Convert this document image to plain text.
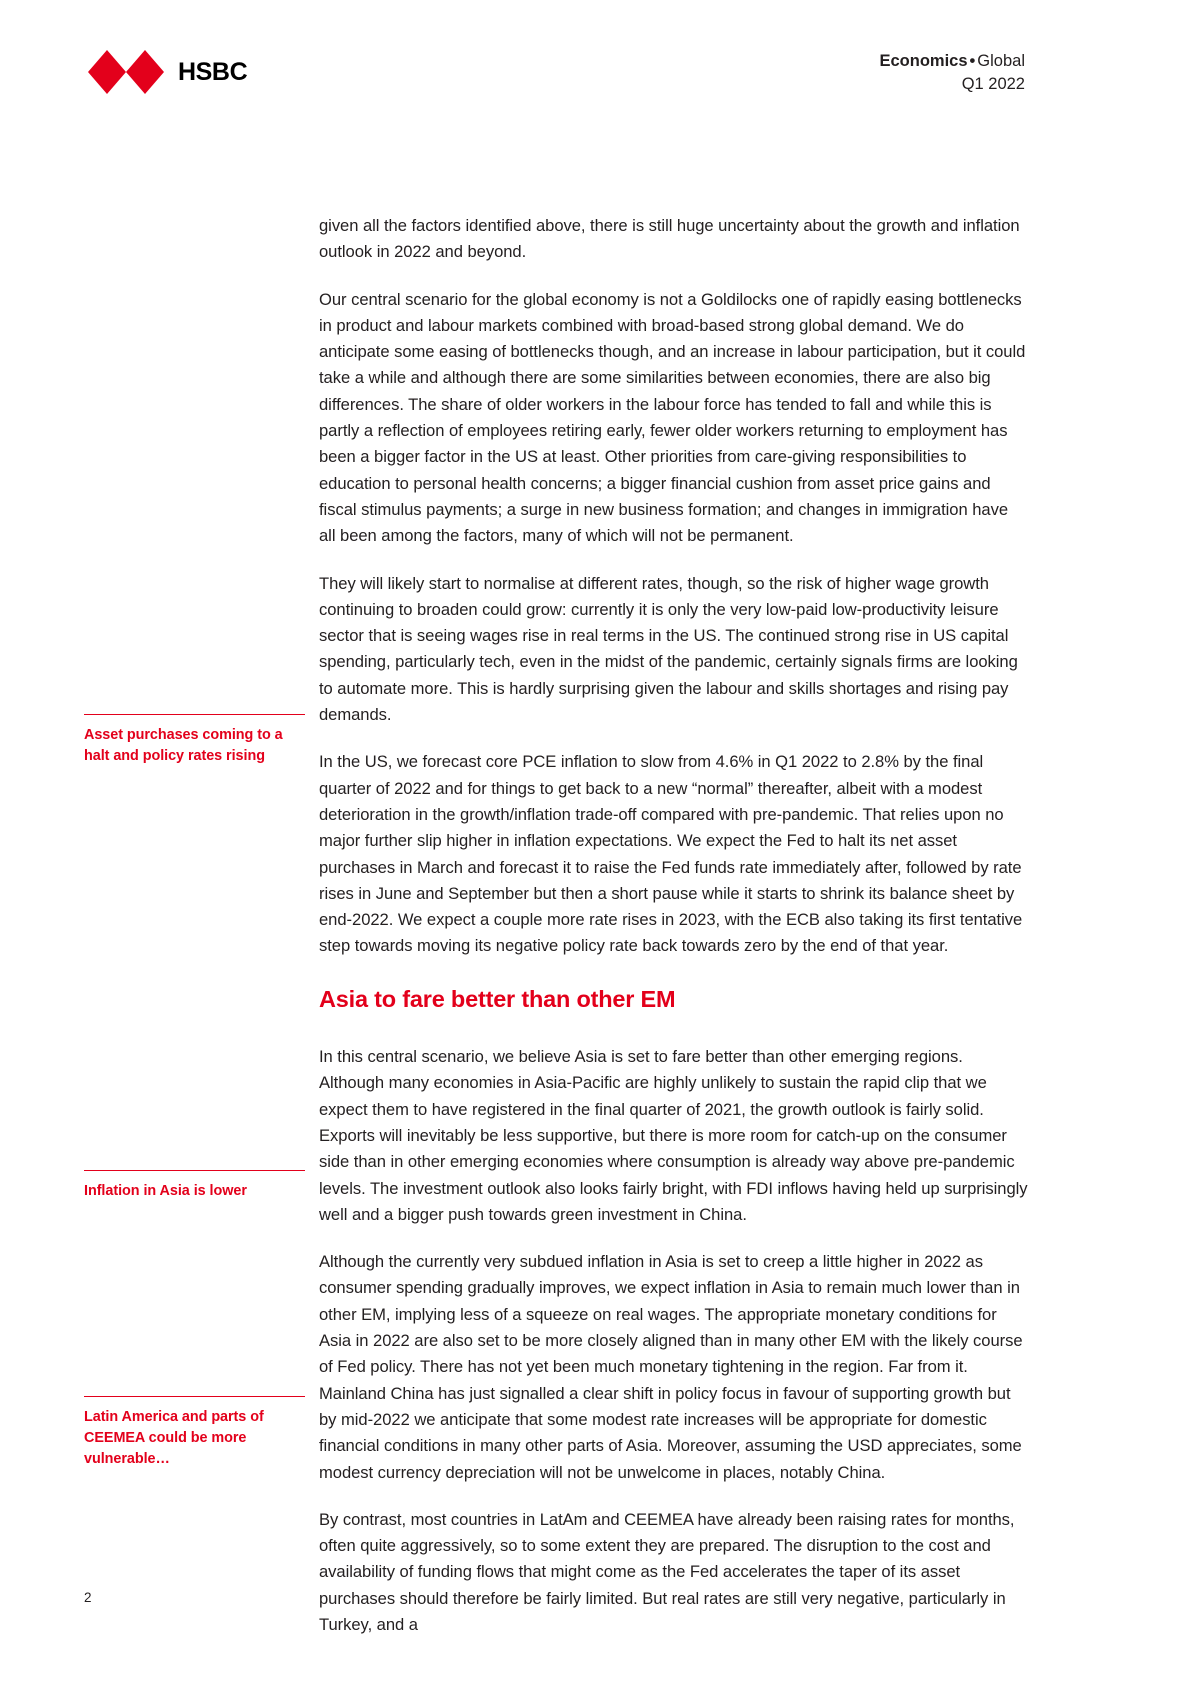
HSBC	Economics • Global
Q1 2022
Asset purchases coming to a halt and policy rates rising
Inflation in Asia is lower
Latin America and parts of CEEMEA could be more vulnerable…

given all the factors identified above, there is still huge uncertainty about the growth and inflation outlook in 2022 and beyond.

Our central scenario for the global economy is not a Goldilocks one of rapidly easing bottlenecks in product and labour markets combined with broad-based strong global demand. We do anticipate some easing of bottlenecks though, and an increase in labour participation, but it could take a while and although there are some similarities between economies, there are also big differences. The share of older workers in the labour force has tended to fall and while this is partly a reflection of employees retiring early, fewer older workers returning to employment has been a bigger factor in the US at least. Other priorities from care-giving responsibilities to education to personal health concerns; a bigger financial cushion from asset price gains and fiscal stimulus payments; a surge in new business formation; and changes in immigration have all been among the factors, many of which will not be permanent.

They will likely start to normalise at different rates, though, so the risk of higher wage growth continuing to broaden could grow: currently it is only the very low-paid low-productivity leisure sector that is seeing wages rise in real terms in the US. The continued strong rise in US capital spending, particularly tech, even in the midst of the pandemic, certainly signals firms are looking to automate more. This is hardly surprising given the labour and skills shortages and rising pay demands.

In the US, we forecast core PCE inflation to slow from 4.6% in Q1 2022 to 2.8% by the final quarter of 2022 and for things to get back to a new “normal” thereafter, albeit with a modest deterioration in the growth/inflation trade-off compared with pre-pandemic. That relies upon no major further slip higher in inflation expectations. We expect the Fed to halt its net asset purchases in March and forecast it to raise the Fed funds rate immediately after, followed by rate rises in June and September but then a short pause while it starts to shrink its balance sheet by end-2022. We expect a couple more rate rises in 2023, with the ECB also taking its first tentative step towards moving its negative policy rate back towards zero by the end of that year.

Asia to fare better than other EM

In this central scenario, we believe Asia is set to fare better than other emerging regions. Although many economies in Asia-Pacific are highly unlikely to sustain the rapid clip that we expect them to have registered in the final quarter of 2021, the growth outlook is fairly solid. Exports will inevitably be less supportive, but there is more room for catch-up on the consumer side than in other emerging economies where consumption is already way above pre-pandemic levels. The investment outlook also looks fairly bright, with FDI inflows having held up surprisingly well and a bigger push towards green investment in China.

Although the currently very subdued inflation in Asia is set to creep a little higher in 2022 as consumer spending gradually improves, we expect inflation in Asia to remain much lower than in other EM, implying less of a squeeze on real wages. The appropriate monetary conditions for Asia in 2022 are also set to be more closely aligned than in many other EM with the likely course of Fed policy. There has not yet been much monetary tightening in the region. Far from it. Mainland China has just signalled a clear shift in policy focus in favour of supporting growth but by mid-2022 we anticipate that some modest rate increases will be appropriate for domestic financial conditions in many other parts of Asia. Moreover, assuming the USD appreciates, some modest currency depreciation will not be unwelcome in places, notably China.

By contrast, most countries in LatAm and CEEMEA have already been raising rates for months, often quite aggressively, so to some extent they are prepared. The disruption to the cost and availability of funding flows that might come as the Fed accelerates the taper of its asset purchases should therefore be fairly limited. But real rates are still very negative, particularly in Turkey, and a

2
